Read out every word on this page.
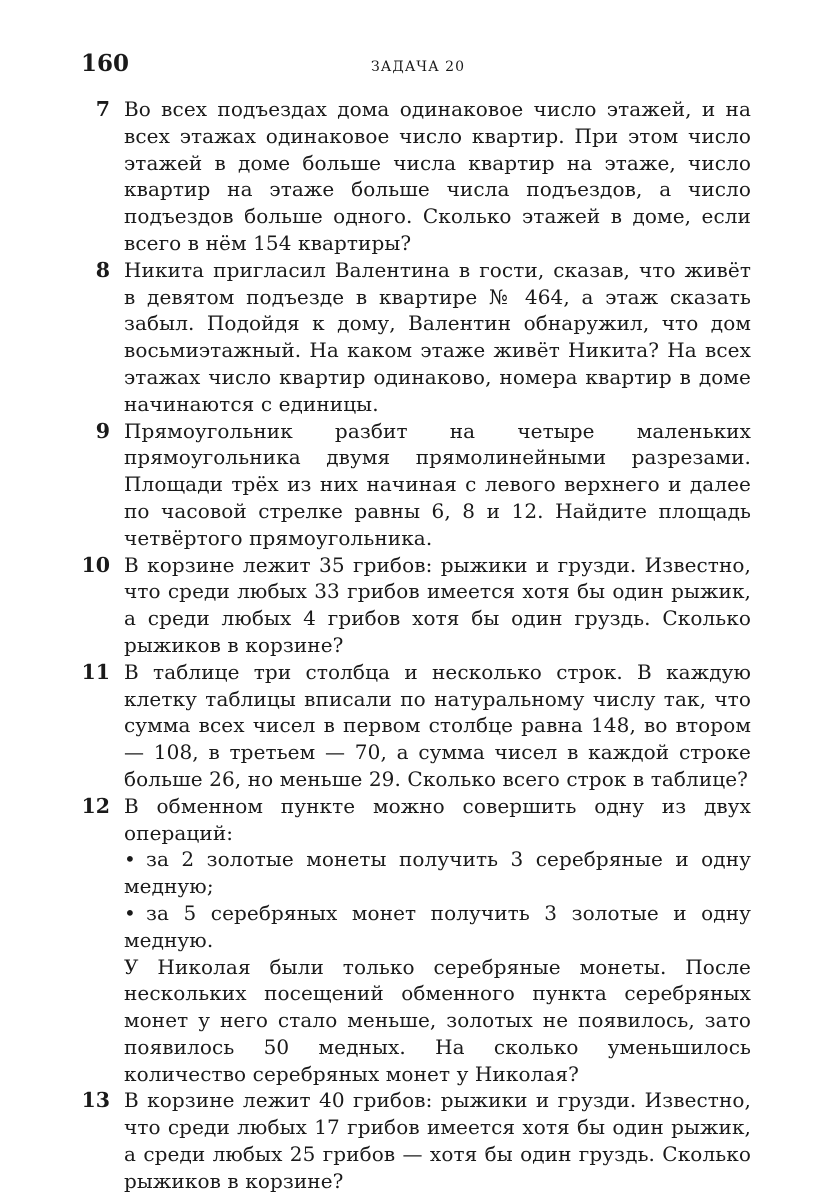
160	ЗАДАЧА 20
7 Во всех подъездах дома одинаковое число этажей, и на всех этажах одинаковое число квартир. При этом число этажей в доме больше числа квартир на этаже, число квартир на этаже больше числа подъездов, а число подъездов больше одного. Сколько этажей в доме, если всего в нём 154 квартиры?

8 Никита пригласил Валентина в гости, сказав, что живёт в девятом подъезде в квартире № 464, а этаж сказать забыл. Подойдя к дому, Валентин обнаружил, что дом восьмиэтажный. На каком этаже живёт Никита? На всех этажах число квартир одинаково, номера квартир в доме начинаются с единицы.

9 Прямоугольник разбит на четыре маленьких прямоугольника двумя прямолинейными разрезами. Площади трёх из них начиная с левого верхнего и далее по часовой стрелке равны 6, 8 и 12. Найдите площадь четвёртого прямоугольника.

10 В корзине лежит 35 грибов: рыжики и грузди. Известно, что среди любых 33 грибов имеется хотя бы один рыжик, а среди любых 4 грибов хотя бы один груздь. Сколько рыжиков в корзине?

11 В таблице три столбца и несколько строк. В каждую клетку таблицы вписали по натуральному числу так, что сумма всех чисел в первом столбце равна 148, во втором — 108, в третьем — 70, а сумма чисел в каждой строке больше 26, но меньше 29. Сколько всего строк в таблице?

12 В обменном пункте можно совершить одну из двух операций:

• за 2 золотые монеты получить 3 серебряные и одну медную;

• за 5 серебряных монет получить 3 золотые и одну медную.

У Николая были только серебряные монеты. После нескольких посещений обменного пункта серебряных монет у него стало меньше, золотых не появилось, зато появилось 50 медных. На сколько уменьшилось количество серебряных монет у Николая?

13 В корзине лежит 40 грибов: рыжики и грузди. Известно, что среди любых 17 грибов имеется хотя бы один рыжик, а среди любых 25 грибов — хотя бы один груздь. Сколько рыжиков в корзине?
